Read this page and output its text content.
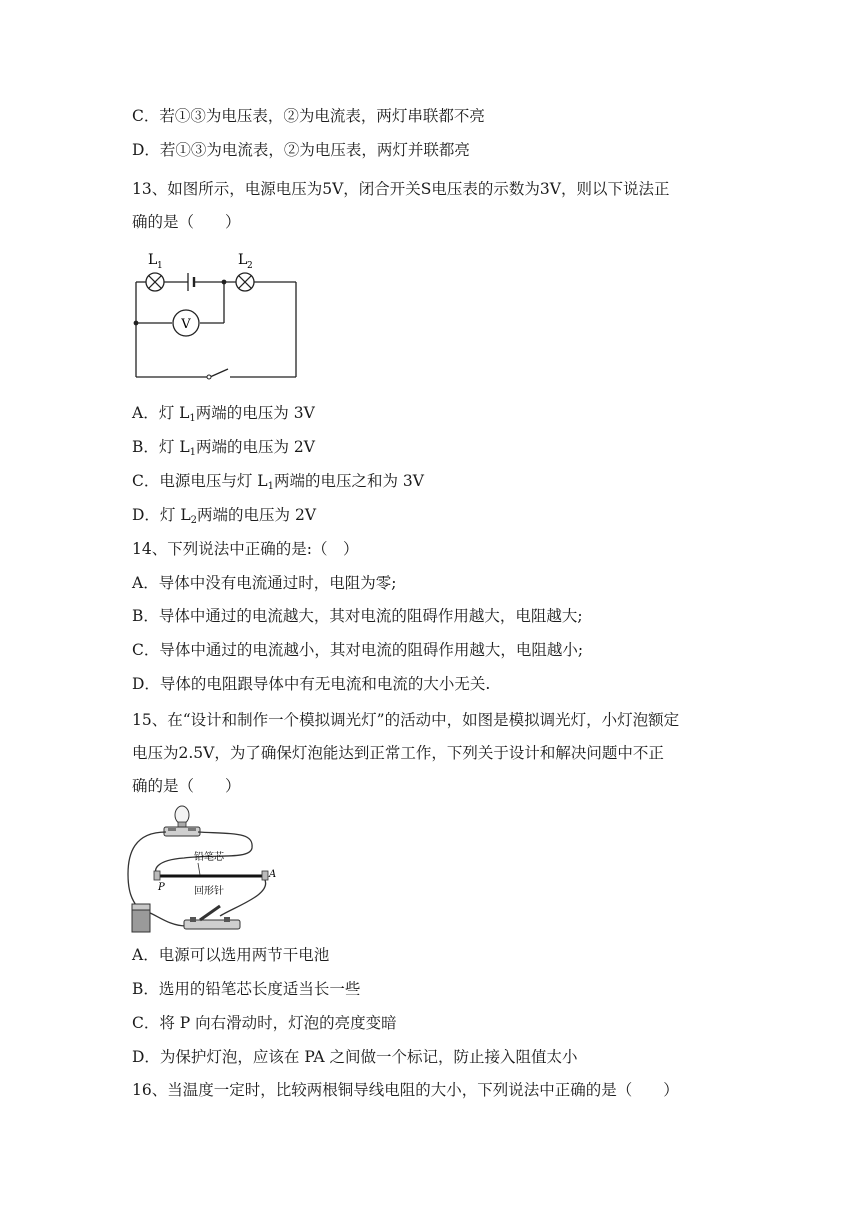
C．若①③为电压表，②为电流表，两灯串联都不亮
D．若①③为电流表，②为电压表，两灯并联都亮
13、如图所示，电源电压为5V，闭合开关S电压表的示数为3V，则以下说法正
确的是（　　）
V
L 1	L 2
A．灯 $L_1$两端的电压为 3V
B．灯 $L_1$两端的电压为 2V
C．电源电压与灯 $L_1$两端的电压之和为 3V
D．灯 $L_2$两端的电压为 2V
14、下列说法中正确的是:（　）
A．导体中没有电流通过时，电阻为零;
B．导体中通过的电流越大，其对电流的阻碍作用越大，电阻越大;
C．导体中通过的电流越小，其对电流的阻碍作用越大，电阻越小;
D．导体的电阻跟导体中有无电流和电流的大小无关.
15、在“设计和制作一个模拟调光灯”的活动中，如图是模拟调光灯，小灯泡额定
电压为2.5V，为了确保灯泡能达到正常工作，下列关于设计和解决问题中不正
确的是（　　）
铅笔芯
回形针
P
A
A．电源可以选用两节干电池
B．选用的铅笔芯长度适当长一些
C．将 P 向右滑动时，灯泡的亮度变暗
D．为保护灯泡，应该在 PA 之间做一个标记，防止接入阻值太小
16、当温度一定时，比较两根铜导线电阻的大小，下列说法中正确的是（　　）
